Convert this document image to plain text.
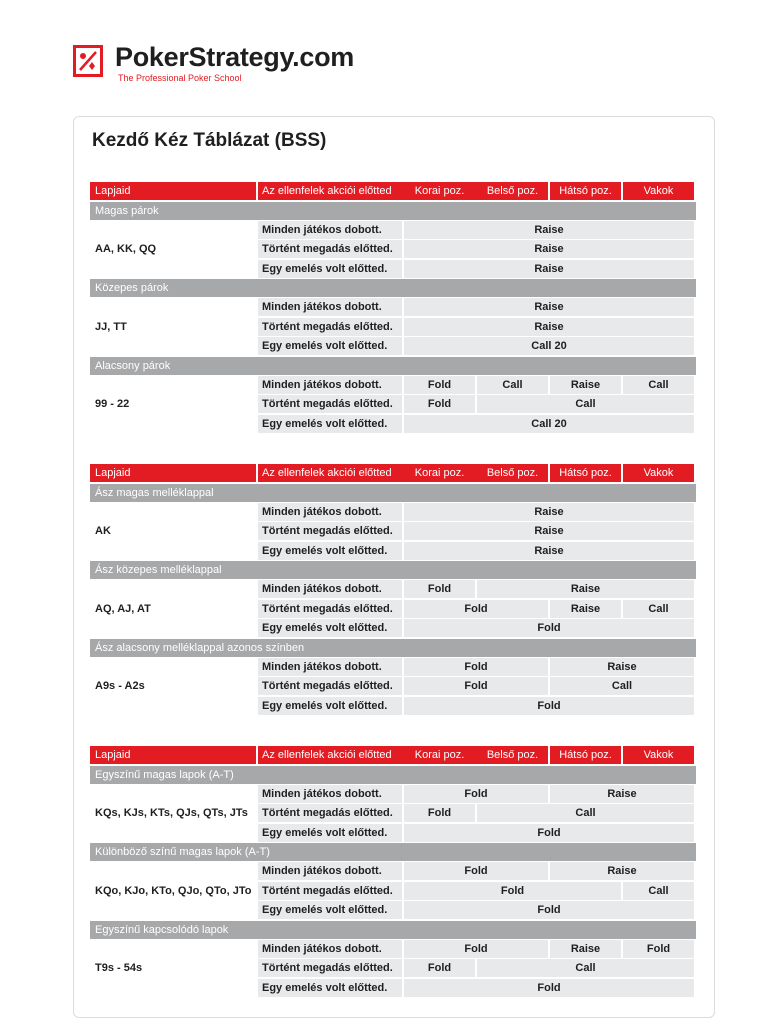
PokerStrategy.com
The Professional Poker School
Kezdő Kéz Táblázat (BSS)
Lapjaid	Az ellenfelek akciói előtted	Korai poz.	Belső poz.	Hátsó poz.	Vakok
Magas párok
AA, KK, QQ
Minden játékos dobott.	Raise
Történt megadás előtted.	Raise
Egy emelés volt előtted.	Raise
Közepes párok
JJ, TT
Minden játékos dobott.	Raise
Történt megadás előtted.	Raise
Egy emelés volt előtted.	Call 20
Alacsony párok
99 - 22
Minden játékos dobott.	Fold	Call	Raise	Call
Történt megadás előtted.	Fold	Call
Egy emelés volt előtted.	Call 20
Lapjaid	Az ellenfelek akciói előtted	Korai poz.	Belső poz.	Hátsó poz.	Vakok
Ász magas melléklappal
AK
Minden játékos dobott.	Raise
Történt megadás előtted.	Raise
Egy emelés volt előtted.	Raise
Ász közepes melléklappal
AQ, AJ, AT
Minden játékos dobott.	Fold	Raise
Történt megadás előtted.	Fold	Raise	Call
Egy emelés volt előtted.	Fold
Ász alacsony melléklappal azonos színben
A9s - A2s
Minden játékos dobott.	Fold	Raise
Történt megadás előtted.	Fold	Call
Egy emelés volt előtted.	Fold
Lapjaid	Az ellenfelek akciói előtted	Korai poz.	Belső poz.	Hátsó poz.	Vakok
Egyszínű magas lapok (A-T)
KQs, KJs, KTs, QJs, QTs, JTs
Minden játékos dobott.	Fold	Raise
Történt megadás előtted.	Fold	Call
Egy emelés volt előtted.	Fold
Különböző színű magas lapok (A-T)
KQo, KJo, KTo, QJo, QTo, JTo
Minden játékos dobott.	Fold	Raise
Történt megadás előtted.	Fold	Call
Egy emelés volt előtted.	Fold
Egyszínű kapcsolódó lapok
T9s - 54s
Minden játékos dobott.	Fold	Raise	Fold
Történt megadás előtted.	Fold	Call
Egy emelés volt előtted.	Fold
